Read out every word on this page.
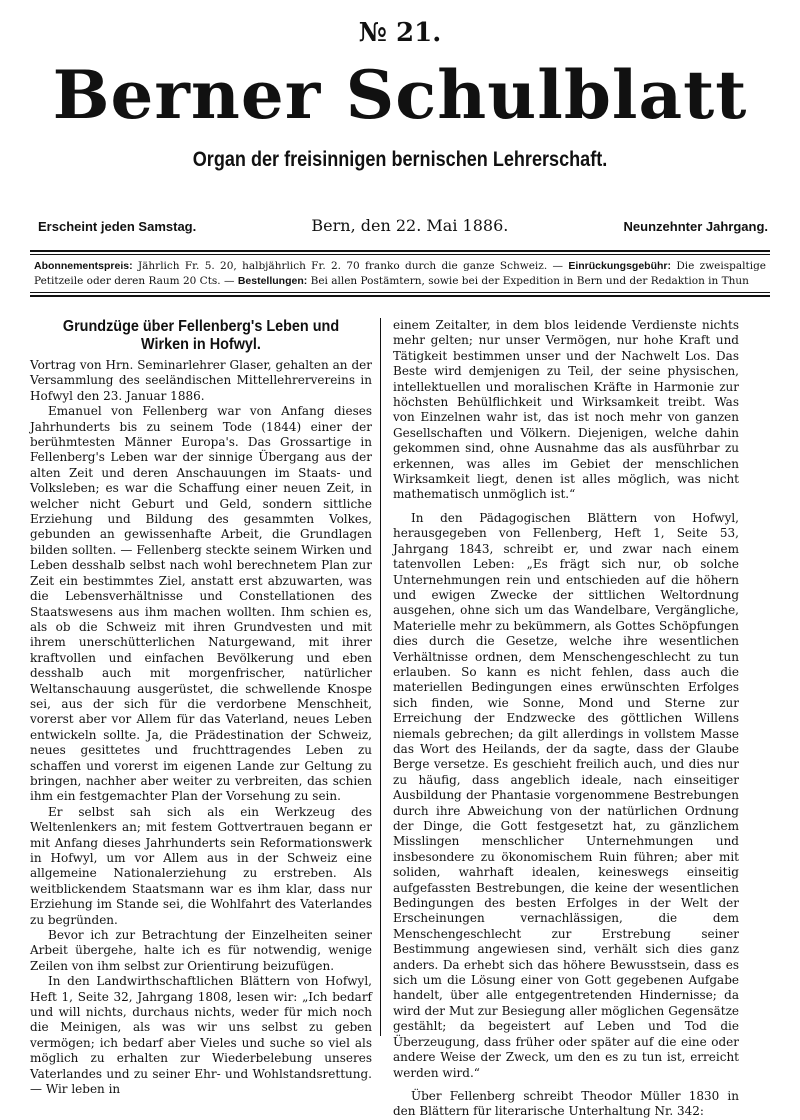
№ 21.
Berner Schulblatt
Organ der freisinnigen bernischen Lehrerschaft.
Erscheint jeden Samstag.	Bern, den 22. Mai 1886.	Neunzehnter Jahrgang.
Abonnementspreis: Jährlich Fr. 5. 20, halbjährlich Fr. 2. 70 franko durch die ganze Schweiz. — Einrückungsgebühr: Die zweispaltige Petitzeile oder deren Raum 20 Cts. — Bestellungen: Bei allen Postämtern, sowie bei der Expedition in Bern und der Redaktion in Thun
Grundzüge über Fellenberg's Leben und Wirken in Hofwyl.

Vortrag von Hrn. Seminarlehrer Glaser, gehalten an der Versammlung des seeländischen Mittellehrervereins in Hofwyl den 23. Januar 1886.

Emanuel von Fellenberg war von Anfang dieses Jahrhunderts bis zu seinem Tode (1844) einer der berühmtesten Männer Europa's. Das Grossartige in Fellenberg's Leben war der sinnige Übergang aus der alten Zeit und deren Anschauungen im Staats- und Volksleben; es war die Schaffung einer neuen Zeit, in welcher nicht Geburt und Geld, sondern sittliche Erziehung und Bildung des gesammten Volkes, gebunden an gewissenhafte Arbeit, die Grundlagen bilden sollten. — Fellenberg steckte seinem Wirken und Leben desshalb selbst nach wohl berechnetem Plan zur Zeit ein bestimmtes Ziel, anstatt erst abzuwarten, was die Lebensverhältnisse und Constellationen des Staatswesens aus ihm machen wollten. Ihm schien es, als ob die Schweiz mit ihren Grundvesten und mit ihrem unerschütterlichen Naturgewand, mit ihrer kraftvollen und einfachen Bevölkerung und eben desshalb auch mit morgenfrischer, natürlicher Weltanschauung ausgerüstet, die schwellende Knospe sei, aus der sich für die verdorbene Menschheit, vorerst aber vor Allem für das Vaterland, neues Leben entwickeln sollte. Ja, die Prädestination der Schweiz, neues gesittetes und fruchttragendes Leben zu schaffen und vorerst im eigenen Lande zur Geltung zu bringen, nachher aber weiter zu verbreiten, das schien ihm ein festgemachter Plan der Vorsehung zu sein.

Er selbst sah sich als ein Werkzeug des Weltenlenkers an; mit festem Gottvertrauen begann er mit Anfang dieses Jahrhunderts sein Reformationswerk in Hofwyl, um vor Allem aus in der Schweiz eine allgemeine Nationalerziehung zu erstreben. Als weitblickendem Staatsmann war es ihm klar, dass nur Erziehung im Stande sei, die Wohlfahrt des Vaterlandes zu begründen.

Bevor ich zur Betrachtung der Einzelheiten seiner Arbeit übergehe, halte ich es für notwendig, wenige Zeilen von ihm selbst zur Orientirung beizufügen.

In den Landwirthschaftlichen Blättern von Hofwyl, Heft 1, Seite 32, Jahrgang 1808, lesen wir: „Ich bedarf und will nichts, durchaus nichts, weder für mich noch die Meinigen, als was wir uns selbst zu geben vermögen; ich bedarf aber Vieles und suche so viel als möglich zu erhalten zur Wiederbelebung unseres Vaterlandes und zu seiner Ehr- und Wohlstandsrettung. — Wir leben in

einem Zeitalter, in dem blos leidende Verdienste nichts mehr gelten; nur unser Vermögen, nur hohe Kraft und Tätigkeit bestimmen unser und der Nachwelt Los. Das Beste wird demjenigen zu Teil, der seine physischen, intellektuellen und moralischen Kräfte in Harmonie zur höchsten Behülflichkeit und Wirksamkeit treibt. Was von Einzelnen wahr ist, das ist noch mehr von ganzen Gesellschaften und Völkern. Diejenigen, welche dahin gekommen sind, ohne Ausnahme das als ausführbar zu erkennen, was alles im Gebiet der menschlichen Wirksamkeit liegt, denen ist alles möglich, was nicht mathematisch unmöglich ist.“

In den Pädagogischen Blättern von Hofwyl, herausgegeben von Fellenberg, Heft 1, Seite 53, Jahrgang 1843, schreibt er, und zwar nach einem tatenvollen Leben: „Es frägt sich nur, ob solche Unternehmungen rein und entschieden auf die höhern und ewigen Zwecke der sittlichen Weltordnung ausgehen, ohne sich um das Wandelbare, Vergängliche, Materielle mehr zu bekümmern, als Gottes Schöpfungen dies durch die Gesetze, welche ihre wesentlichen Verhältnisse ordnen, dem Menschengeschlecht zu tun erlauben. So kann es nicht fehlen, dass auch die materiellen Bedingungen eines erwünschten Erfolges sich finden, wie Sonne, Mond und Sterne zur Erreichung der Endzwecke des göttlichen Willens niemals gebrechen; da gilt allerdings in vollstem Masse das Wort des Heilands, der da sagte, dass der Glaube Berge versetze. Es geschieht freilich auch, und dies nur zu häufig, dass angeblich ideale, nach einseitiger Ausbildung der Phantasie vorgenommene Bestrebungen durch ihre Abweichung von der natürlichen Ordnung der Dinge, die Gott festgesetzt hat, zu gänzlichem Misslingen menschlicher Unternehmungen und insbesondere zu ökonomischem Ruin führen; aber mit soliden, wahrhaft idealen, keineswegs einseitig aufgefassten Bestrebungen, die keine der wesentlichen Bedingungen des besten Erfolges in der Welt der Erscheinungen vernachlässigen, die dem Menschengeschlecht zur Erstrebung seiner Bestimmung angewiesen sind, verhält sich dies ganz anders. Da erhebt sich das höhere Bewusstsein, dass es sich um die Lösung einer von Gott gegebenen Aufgabe handelt, über alle entgegentretenden Hindernisse; da wird der Mut zur Besiegung aller möglichen Gegensätze gestählt; da begeistert auf Leben und Tod die Überzeugung, dass früher oder später auf die eine oder andere Weise der Zweck, um den es zu tun ist, erreicht werden wird.“

Über Fellenberg schreibt Theodor Müller 1830 in den Blättern für literarische Unterhaltung Nr. 342:
